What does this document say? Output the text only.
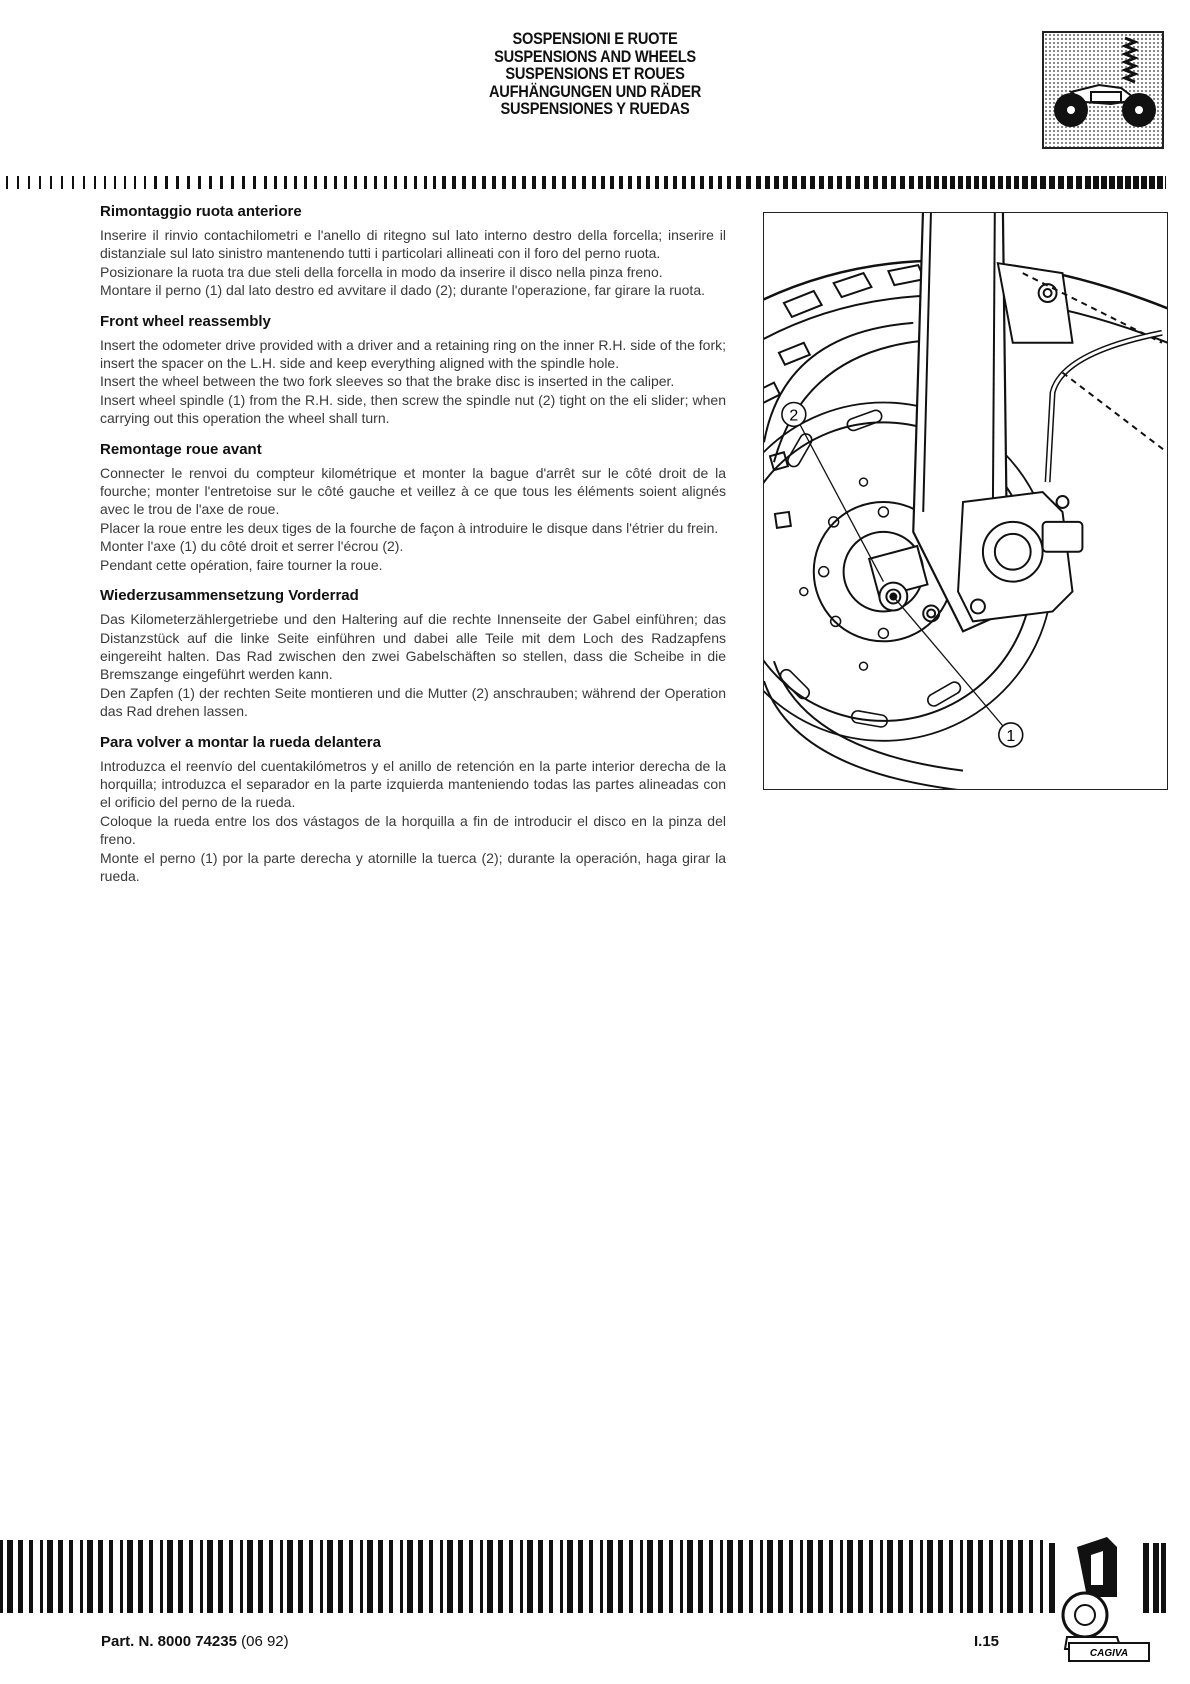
SOSPENSIONI E RUOTE
SUSPENSIONS AND WHEELS
SUSPENSIONS ET ROUES
AUFHÄNGUNGEN UND RÄDER
SUSPENSIONES Y RUEDAS
Rimontaggio ruota anteriore

Inserire il rinvio contachilometri e l'anello di ritegno sul lato interno destro della forcella; inserire il distanziale sul lato sinistro mantenendo tutti i particolari allineati con il foro del perno ruota.

Posizionare la ruota tra due steli della forcella in modo da inserire il disco nella pinza freno.

Montare il perno (1) dal lato destro ed avvitare il dado (2); durante l'operazione, far girare la ruota.

Front wheel reassembly

Insert the odometer drive provided with a driver and a retaining ring on the inner R.H. side of the fork; insert the spacer on the L.H. side and keep everything aligned with the spindle hole.

Insert the wheel between the two fork sleeves so that the brake disc is inserted in the caliper.

Insert wheel spindle (1) from the R.H. side, then screw the spindle nut (2) tight on the eli slider; when carrying out this operation the wheel shall turn.

Remontage roue avant

Connecter le renvoi du compteur kilométrique et monter la bague d'arrêt sur le côté droit de la fourche; monter l'entretoise sur le côté gauche et veillez à ce que tous les éléments soient alignés avec le trou de l'axe de roue.

Placer la roue entre les deux tiges de la fourche de façon à introduire le disque dans l'étrier du frein.

Monter l'axe (1) du côté droit et serrer l'écrou (2).

Pendant cette opération, faire tourner la roue.

Wiederzusammensetzung Vorderrad

Das Kilometerzählergetriebe und den Haltering auf die rechte Innenseite der Gabel einführen; das Distanzstück auf die linke Seite einführen und dabei alle Teile mit dem Loch des Radzapfens eingereiht halten. Das Rad zwischen den zwei Gabelschäften so stellen, dass die Scheibe in die Bremszange eingeführt werden kann.

Den Zapfen (1) der rechten Seite montieren und die Mutter (2) anschrauben; während der Operation das Rad drehen lassen.

Para volver a montar la rueda delantera

Introduzca el reenvío del cuentakilómetros y el anillo de retención en la parte interior derecha de la horquilla; introduzca el separador en la parte izquierda manteniendo todas las partes alineadas con el orificio del perno de la rueda.

Coloque la rueda entre los dos vástagos de la horquilla a fin de introducir el disco en la pinza del freno.

Monte el perno (1) por la parte derecha y atornille la tuerca (2); durante la operación, haga girar la rueda.

2
1
CAGIVA
Part. N. 8000 74235 (06 92)	I.15
